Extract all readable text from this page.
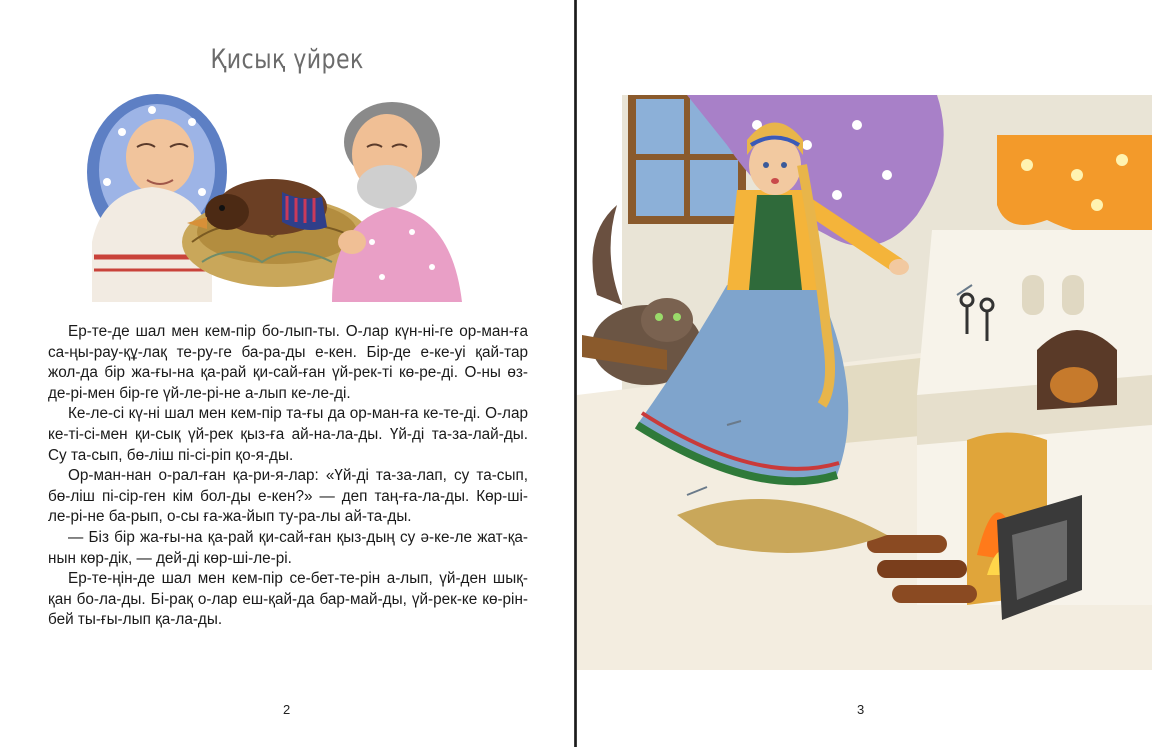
Қисық үйрек

Ер-те-де шал мен кем-пір бо-лып-ты. О-лар күн-ні-ге ор-ман-ға са-ңы-рау-құ-лақ те-ру-ге ба-ра-ды е-кен. Бір-де е-ке-уі қай-тар жол-да бір жа-ғы-на қа-рай қи-сай-ған үй-рек-ті кө-ре-ді. О-ны өз-де-рі-мен бір-ге үй-ле-рі-не а-лып ке-ле-ді.

Ке-ле-сі кү-ні шал мен кем-пір та-ғы да ор-ман-ға ке-те-ді. О-лар ке-ті-сі-мен қи-сық үй-рек қыз-ға ай-на-ла-ды. Үй-ді та-за-лай-ды. Су та-сып, бө-ліш пі-сі-ріп қо-я-ды.

Ор-ман-нан о-рал-ған қа-ри-я-лар: «Үй-ді та-за-лап, су та-сып, бө-ліш пі-сір-ген кім бол-ды е-кен?» — деп таң-ға-ла-ды. Көр-ші-ле-рі-не ба-рып, о-сы ға-жа-йып ту-ра-лы ай-та-ды.

— Біз бір жа-ғы-на қа-рай қи-сай-ған қыз-дың су ә-ке-ле жат-қа-нын көр-дік, — дей-ді көр-ші-ле-рі.

Ер-те-ңін-де шал мен кем-пір се-бет-те-рін а-лып, үй-ден шық-қан бо-ла-ды. Бі-рақ о-лар еш-қай-да бар-май-ды, үй-рек-ке кө-рін-бей ты-ғы-лып қа-ла-ды.

2	3
